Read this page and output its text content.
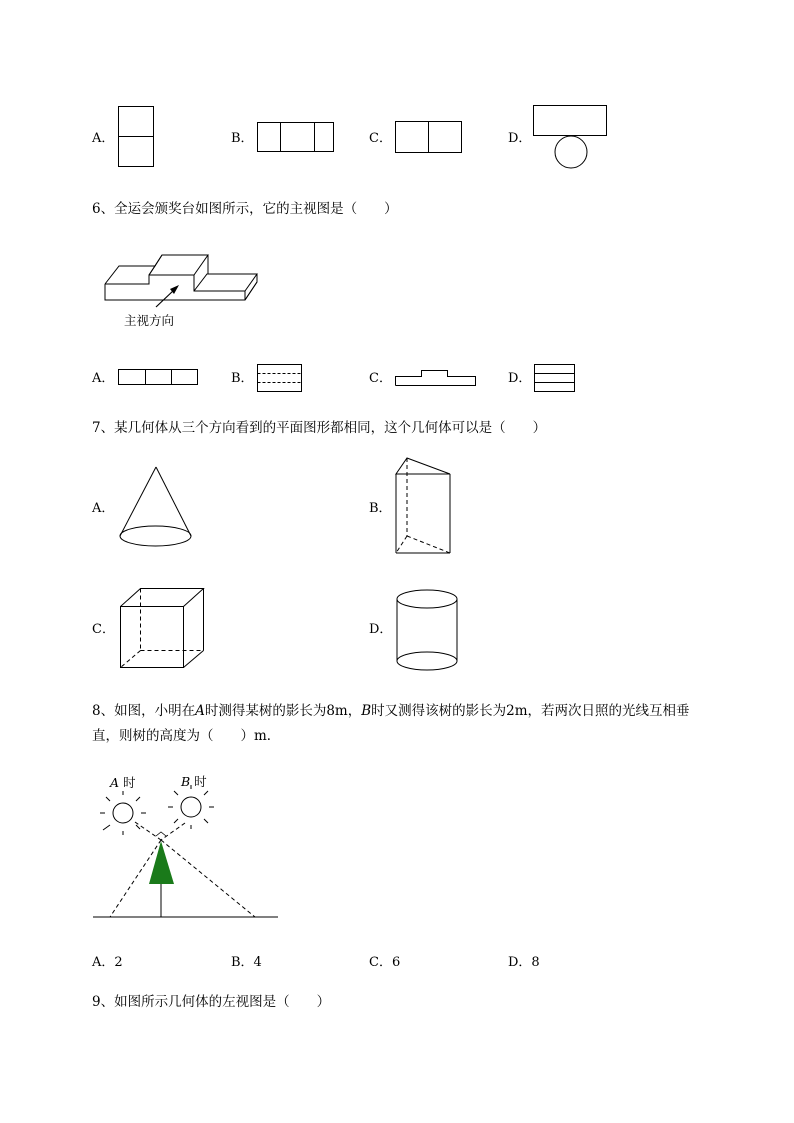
A．	B．	C．	D．
6、全运会颁奖台如图所示，它的主视图是（　　）
主视方向
A．	B．	C．	D．
7、某几何体从三个方向看到的平面图形都相同，这个几何体可以是（　　）
A．	B．
C．	D．
8、如图，小明在A时测得某树的影长为8m，B时又测得该树的影长为2m，若两次日照的光线互相垂
直，则树的高度为（　　）m．
A 时	B 时
A．2	B．4	C．6	D．8
9、如图所示几何体的左视图是（　　）
